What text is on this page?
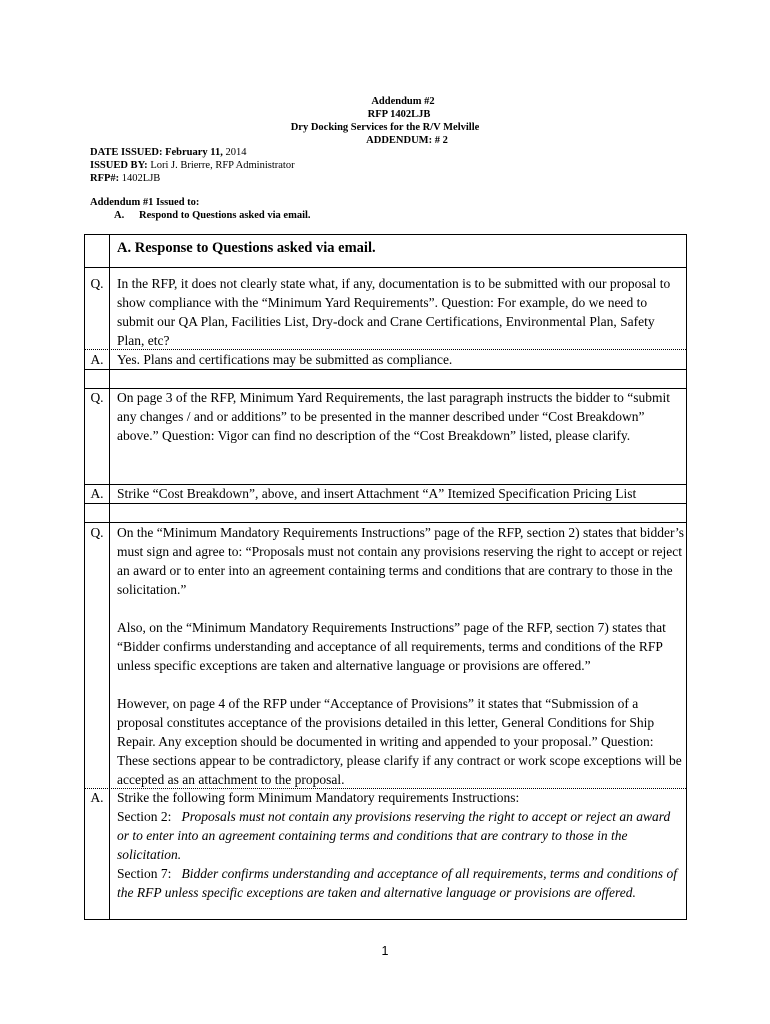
Addendum #2
RFP 1402LJB
Dry Docking Services for the R/V Melville
ADDENDUM: # 2
DATE ISSUED: February 11, 2014
ISSUED BY: Lori J. Brierre, RFP Administrator
RFP#: 1402LJB
Addendum #1 Issued to:
A. Respond to Questions asked via email.
A. Response to Questions asked via email.
Q. In the RFP, it does not clearly state what, if any, documentation is to be submitted with our proposal to show compliance with the “Minimum Yard Requirements”. Question: For example, do we need to submit our QA Plan, Facilities List, Dry-dock and Crane Certifications, Environmental Plan, Safety Plan, etc?
A. Yes. Plans and certifications may be submitted as compliance.
Q. On page 3 of the RFP, Minimum Yard Requirements, the last paragraph instructs the bidder to “submit any changes / and or additions” to be presented in the manner described under “Cost Breakdown” above.” Question: Vigor can find no description of the “Cost Breakdown” listed, please clarify.
A. Strike “Cost Breakdown”, above, and insert Attachment “A” Itemized Specification Pricing List
Q. On the “Minimum Mandatory Requirements Instructions” page of the RFP, section 2) states that bidder’s must sign and agree to: “Proposals must not contain any provisions reserving the right to accept or reject an award or to enter into an agreement containing terms and conditions that are contrary to those in the solicitation.”

Also, on the “Minimum Mandatory Requirements Instructions” page of the RFP, section 7) states that “Bidder confirms understanding and acceptance of all requirements, terms and conditions of the RFP unless specific exceptions are taken and alternative language or provisions are offered.”

However, on page 4 of the RFP under “Acceptance of Provisions” it states that “Submission of a proposal constitutes acceptance of the provisions detailed in this letter, General Conditions for Ship Repair. Any exception should be documented in writing and appended to your proposal.” Question: These sections appear to be contradictory, please clarify if any contract or work scope exceptions will be accepted as an attachment to the proposal.

A. Strike the following form Minimum Mandatory requirements Instructions:

Section 2: Proposals must not contain any provisions reserving the right to accept or reject an award or to enter into an agreement containing terms and conditions that are contrary to those in the solicitation.

Section 7: Bidder confirms understanding and acceptance of all requirements, terms and conditions of the RFP unless specific exceptions are taken and alternative language or provisions are offered.

1
